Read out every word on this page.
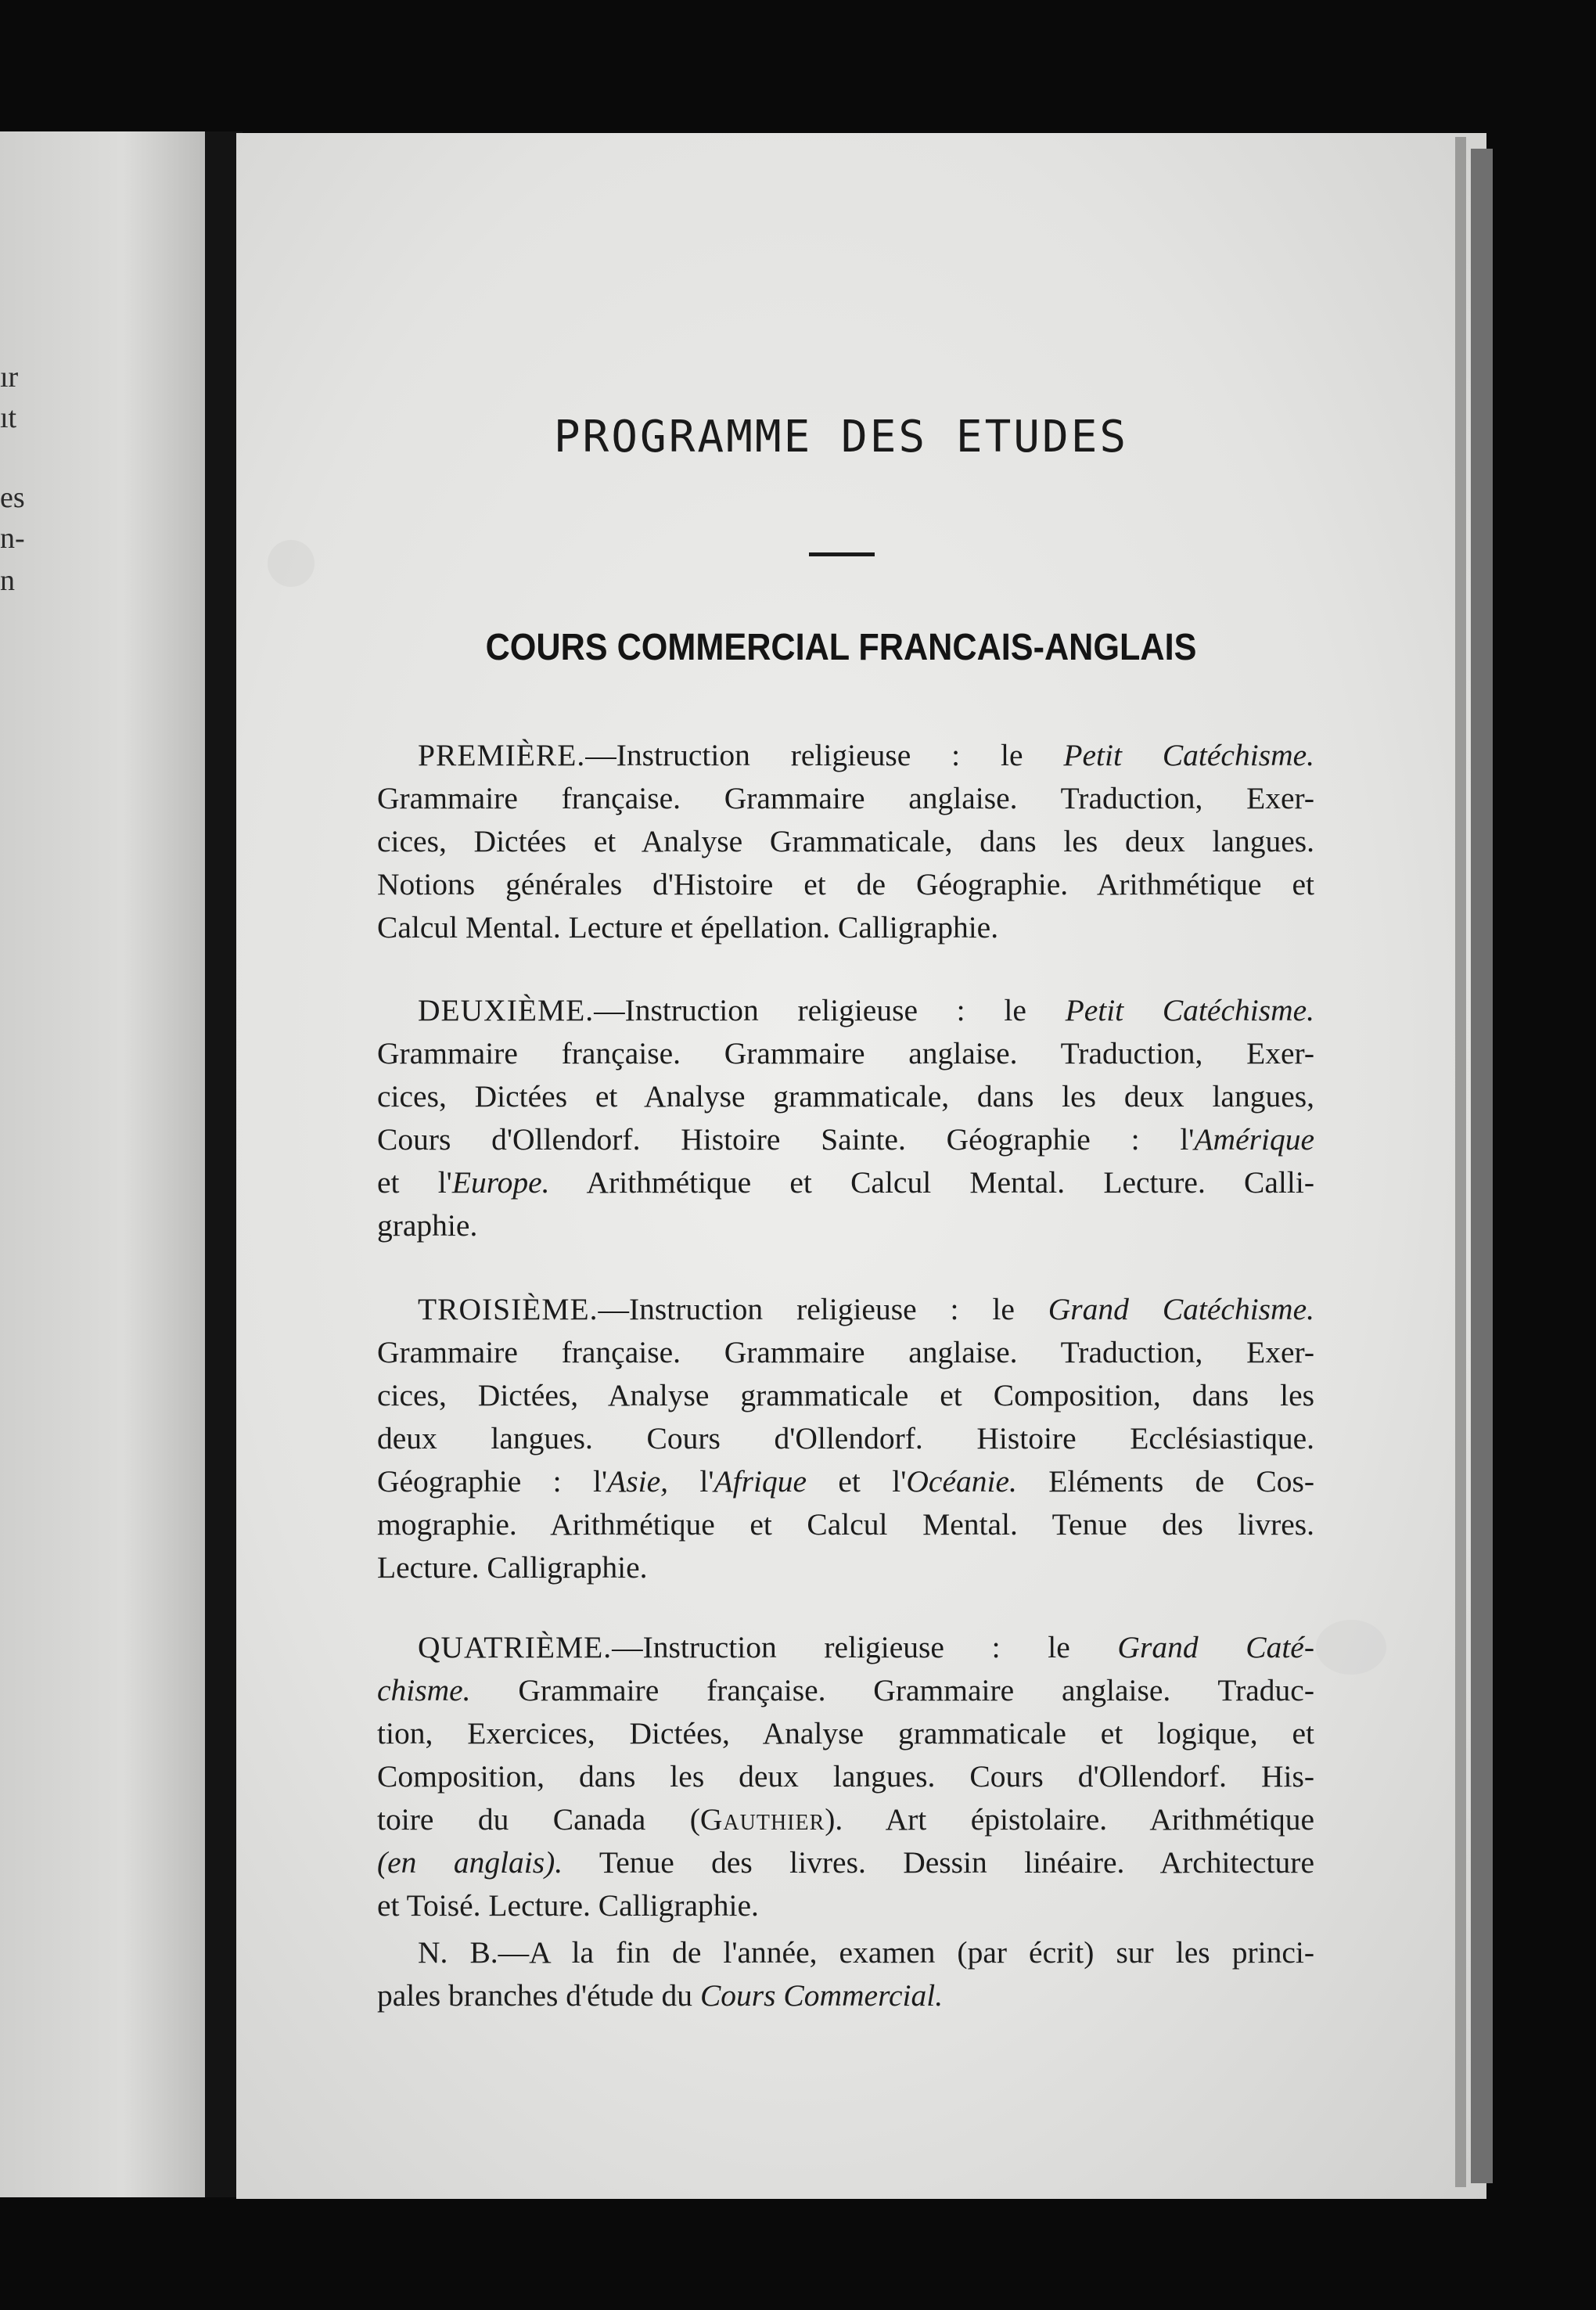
ır
ıt
es
n-
n
PROGRAMME DES ETUDES
COURS COMMERCIAL FRANCAIS-ANGLAIS
PREMIÈRE.—Instruction religieuse : le Petit Catéchisme.
Grammaire française. Grammaire anglaise. Traduction, Exer-
cices, Dictées et Analyse Grammaticale, dans les deux langues.
Notions générales d'Histoire et de Géographie. Arithmétique et
Calcul Mental. Lecture et épellation. Calligraphie.
DEUXIÈME.—Instruction religieuse : le Petit Catéchisme.
Grammaire française. Grammaire anglaise. Traduction, Exer-
cices, Dictées et Analyse grammaticale, dans les deux langues,
Cours d'Ollendorf. Histoire Sainte. Géographie : l'Amérique
et l'Europe. Arithmétique et Calcul Mental. Lecture. Calli-
graphie.
TROISIÈME.—Instruction religieuse : le Grand Catéchisme.
Grammaire française. Grammaire anglaise. Traduction, Exer-
cices, Dictées, Analyse grammaticale et Composition, dans les
deux langues. Cours d'Ollendorf. Histoire Ecclésiastique.
Géographie : l'Asie, l'Afrique et l'Océanie. Eléments de Cos-
mographie. Arithmétique et Calcul Mental. Tenue des livres.
Lecture. Calligraphie.
QUATRIÈME.—Instruction religieuse : le Grand Caté-
chisme. Grammaire française. Grammaire anglaise. Traduc-
tion, Exercices, Dictées, Analyse grammaticale et logique, et
Composition, dans les deux langues. Cours d'Ollendorf. His-
toire du Canada (Gauthier). Art épistolaire. Arithmétique
(en anglais). Tenue des livres. Dessin linéaire. Architecture
et Toisé. Lecture. Calligraphie.
N. B.—A la fin de l'année, examen (par écrit) sur les princi-
pales branches d'étude du Cours Commercial.
